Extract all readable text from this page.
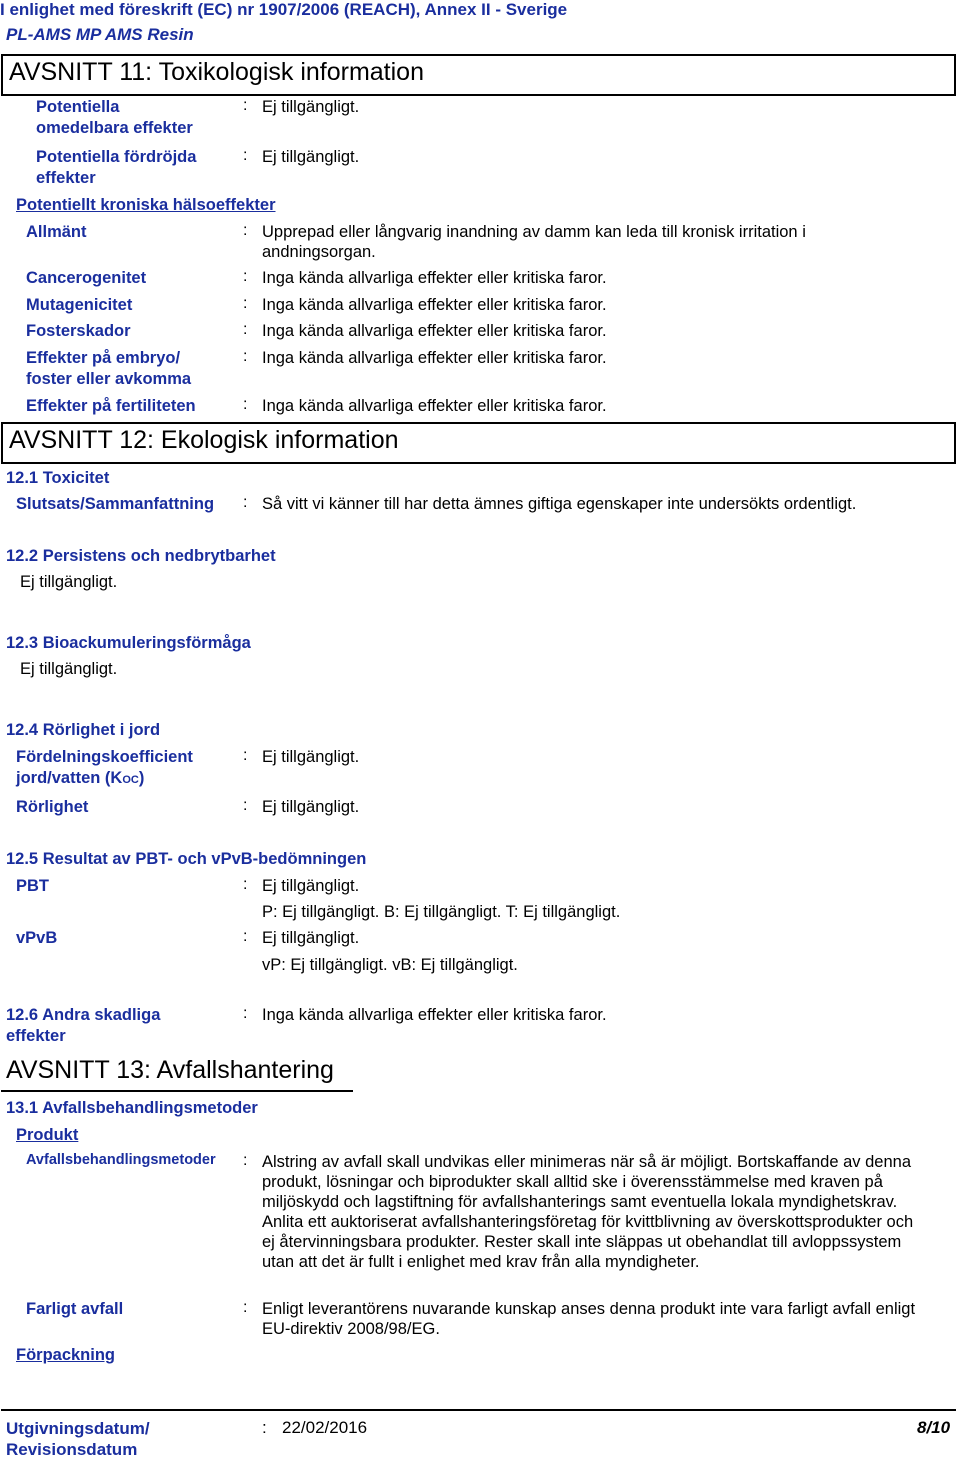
I enlighet med föreskrift (EC) nr 1907/2006 (REACH), Annex II - Sverige
PL-AMS MP AMS Resin
AVSNITT 11: Toxikologisk information
Potentiella
omedelbara effekter
: Ej tillgängligt.
Potentiella fördröjda
effekter
: Ej tillgängligt.
Potentiellt kroniska hälsoeffekter
Allmänt	: Upprepad eller långvarig inandning av damm kan leda till kronisk irritation i
andningsorgan.
Cancerogenitet	: Inga kända allvarliga effekter eller kritiska faror.
Mutagenicitet	: Inga kända allvarliga effekter eller kritiska faror.
Fosterskador	: Inga kända allvarliga effekter eller kritiska faror.
Effekter på embryo/
foster eller avkomma
: Inga kända allvarliga effekter eller kritiska faror.
Effekter på fertiliteten	: Inga kända allvarliga effekter eller kritiska faror.
AVSNITT 12: Ekologisk information
12.1 Toxicitet
Slutsats/Sammanfattning : Så vitt vi känner till har detta ämnes giftiga egenskaper inte undersökts ordentligt.
12.2 Persistens och nedbrytbarhet
Ej tillgängligt.
12.3 Bioackumuleringsförmåga
Ej tillgängligt.
12.4 Rörlighet i jord
Fördelningskoefficient
jord/vatten (KOC)
: Ej tillgängligt.
Rörlighet	: Ej tillgängligt.
12.5 Resultat av PBT- och vPvB-bedömningen
PBT	: Ej tillgängligt.
P: Ej tillgängligt. B: Ej tillgängligt. T: Ej tillgängligt.
vPvB	: Ej tillgängligt.
vP: Ej tillgängligt. vB: Ej tillgängligt.
12.6 Andra skadliga
effekter
: Inga kända allvarliga effekter eller kritiska faror.
AVSNITT 13: Avfallshantering
13.1 Avfallsbehandlingsmetoder
Produkt
Avfallsbehandlingsmetoder : Alstring av avfall skall undvikas eller minimeras när så är möjligt. Bortskaffande av denna produkt, lösningar och biprodukter skall alltid ske i överensstämmelse med kraven på miljöskydd och lagstiftning för avfallshanterings samt eventuella lokala myndighetskrav. Anlita ett auktoriserat avfallshanteringsföretag för kvittblivning av överskottsprodukter och ej återvinningsbara produkter. Rester skall inte släppas ut obehandlat till avloppssystem utan att det är fullt i enlighet med krav från alla myndigheter.
Farligt avfall	: Enligt leverantörens nuvarande kunskap anses denna produkt inte vara farligt avfall enligt EU-direktiv 2008/98/EG.
Förpackning
Utgivningsdatum/
Revisionsdatum
: 22/02/2016	8/10
